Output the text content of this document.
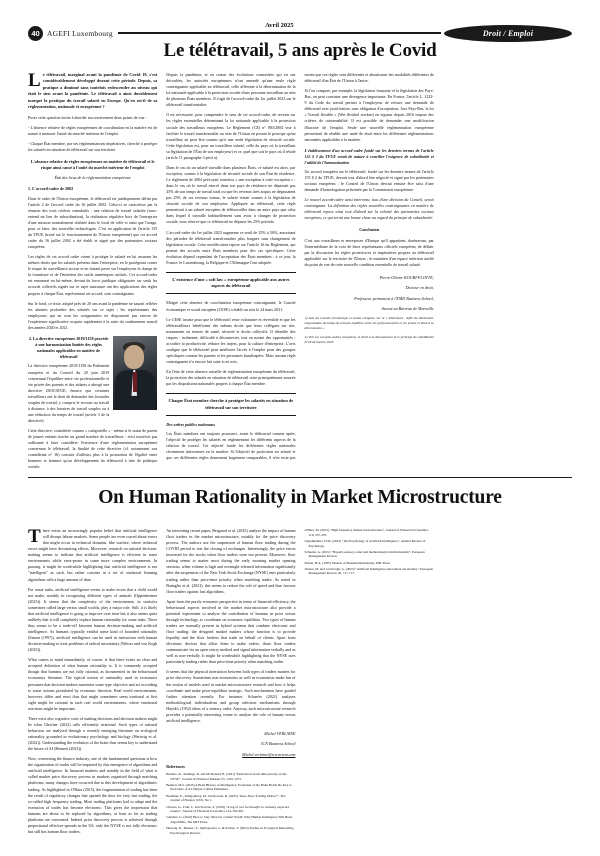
40 AGEFI Luxembourg
Avril 2025
Droit / Emploi
Le télétravail, 5 ans après le Covid

Le télétravail, marginal avant la pandémie de Covid 19, s'est considérablement développé durant cette période. Depuis, sa pratique a diminué sans toutefois redescendre au niveau qui était le sien avant la pandémie. Le télétravail a ainsi durablement marqué la pratique du travail salarié en Europe. Qu'en est-il de sa réglementation, nationale et européenne ?

Poser cette question invite à aborder successivement deux points de vue :

- L'absence relative de règles européennes de coordination en la matière est de nature à menacer l'unité du marché intérieur de l'emploi.

- Chaque État membre, par ses réglementations impératives, cherche à protéger les salariés en situation de télétravail sur son territoire.

L'absence relative de règles européennes en matière de télétravail et le risque ainsi causé à l'unité du marché intérieur de l'emploi

État des lieux de la réglementation européenne

1. L'accord-cadre de 2002

Dans le cadre de l'Union européenne, le télétravail est juridiquement défini par l'article 2 de l'accord cadre du 16 juillet 2002. Celui-ci se caractérise par la réunion des trois critères cumulatifs : une relation de travail salariée (sous-entend un lien de subordination), la réalisation régulière hors de l'entreprise d'une mission normalement réalisée dans le local de celle-ci ainsi que l'usage, pour ce faire, des nouvelles technologies. C'est en application de l'article 155 du TFUE (traité sur le fonctionnement de l'Union européenne) que cet accord cadre du 16 juillet 2002 a été établi et signé par des partenaires sociaux européens.

Les règles de cet accord cadre visent à protéger le salarié en lui assurant les mêmes droits que les salariés présents dans l'entreprise, en le protégeant contre le risque de surveillance accrue et en faisant peser sur l'employeur la charge de la fourniture et de l'entretien des outils numériques utilisés. Cet accord-cadre est renommé en lui-même, devant de force juridique obligatoire car seuls les accords collectifs signés sur ce sujet naissance ont des applications des règles propres à chaque État, représentant cet accord, sont contraignants.

Sur le fond, ce texte, adopté près de 20 ans avant la pandémie ne saurait refléter les attentes profondes des salariés sur ce sujet ; les représentants des employeurs qui en sont les cosignataires ne disposaient pas encore de l'expérience significative acquise rapidement à la suite du confinement massif des années 2020 et 2021.

2. La directive européenne 2019/1158 procède à une harmonisation limitée des règles nationales applicables en matière de télétravail

La directive européenne 2019/1158 du Parlement européen et du Conseil du 20 juin 2019 concernant l'équilibre entre vie professionnelle et vie privée des parents et des aidants a abrogé une directive 2010/18/UE, énonce que certaines travailleurs ont le droit de demander des formules souples de travail, y compris le recours au travail à distance, à des horaires de travail souples ou à une réduction du temps de travail (article 3 de la directive).

Cette directive, considérée comme « catégorielle » - même si le statut de parent de jeunes enfants touche un grand nombre de travailleurs - n'est toutefois pas suffisante à faire considérer l'existence d'une réglementation européenne concernant le télétravail, la finalité de cette directive (cf. notamment son considérant n° 16) consiste d'ailleurs plus à la promotion de l'égalité entre hommes et femmes qu'au développement du télétravail à titre de politique sociale.

Depuis la pandémie, et en raison des évolutions contrastées qui en ont découlées, les autorités européennes n'ont amendé qu'une seule règle contraignante applicable au télétravail, celle afférente à la détermination de la loi nationale applicable à la protection sociale d'une personne travaillant au sein de plusieurs États membres. Il s'agit de l'accord-cadre du 1er juillet 2023 sur le télétravail transfrontalier.

Il est nécessaire, pour comprendre le sens de cet accord-cadre, de revenir sur les règles essentielles déterminant la loi nationale applicable à la protection sociale des travailleurs européens. Le Règlement (CE) n° 883/2004 vise à faciliter le travail transfrontalier au sein de l'Union en posant le principe qu'un travailleur ne peut être soumis qu'à une seule législation de sécurité sociale. Cette législation est, pour un travailleur salarié, celle du pays où la travaillant sa législation de l'État de son employeur) et ce, quel que soit le pays où il réside (article 11 paragraphe 3 petit a).

Dans le cas où un salarié travaille dans plusieurs États, ce salarié est alors, par exception, soumis à la législation de sécurité sociale de son État de résidence. Le règlement de 2004 prévoyait toutefois « une exception à cette exception » : dans le cas où le travail exercé dans son pays de résidence ne dépassait pas 25% de son temps de travail total ou que les revenus tirés acquis ne dépassaient pas 25% de ses revenus totaux, le salarié restait soumis à la législation de sécurité sociale de son employeur. Appliquée au télétravail, cette règle permettrait à un salarié européen de télétravailler dans un autre pays que celui dans lequel il travaille habituellement sans avoir à changer de protection sociale, sous réserve que ce télétravail ne dépasse les 25% précités.

L'accord-cadre du 1er juillet 2023 augmente ce seuil de 25% à 50%, autorisant des périodes de télétravail transfrontalier plus longues sans changement de législation sociale. Cette modification repose sur l'article 16 du Règlement, qui permet des accords entre États membres pour des cas spécifiques. Cette évolution dépend cependant de l'acceptation des États membres ; à ce jour, la France, le Luxembourg, la Belgique et l'Allemagne l'ont adoptée.

L'existence d'une « soft law » européenne applicable aux autres aspects du télétravail

Malgré cette absence de coordination européenne contraignante, le Comité économique et social européen (CESE) a établi un avis le 24 mars 2021.

Le CESE insiste pour que le télétravail reste volontaire et réversible et que les télétravailleurs bénéficient des mêmes droits que leurs collègues sur site, notamment en termes de santé, sécurité et droits collectifs. Il identifie des risques : isolement, difficulté à déconnecter, tout en notant des opportunités : accroître la productivité, réduire les trajets, pour la culture d'entreprise. L'avis souligne que le télétravail peut améliorer l'accès à l'emploi pour des groupes spécifiques comme les parents et les personnes handicapées. Mais aucune règle contraignante n'a encore fait suite à cet avis.

En l'état de cette absence actuelle de réglementation européenne du télétravail, la protection des salariés en situation de télétravail reste principalement assurée par les dispositions nationales propres à chaque État membre.

Chaque État membre cherche à protéger les salariés en situation de télétravail sur son territoire

Des ordres publics nationaux

Les États membres ont toujours poursuivi, avant le télétravail comme après, l'objectif de protéger les salariés en réglementant les différents aspects de la relation de travail. Cet objectif fonde les différentes règles nationales récemment intervenues en la matière. Si l'objectif de protection est attesté et que ces différentes règles demeurent largement comparables, il n'en reste pas moins que ces règles sont différentes et aboutissent des modalités différentes de télétravail d'un État de l'Union à l'autre.

Si l'on compare, par exemple, la législation française et la législation des Pays-Bas, on peut constater une divergence importante. En France, l'article L. 1222-9 du Code du travail permet à l'employeur de refuser une demande de télétravail avec justification, sans obligation d'acceptation. Aux Pays-Bas, la loi « Travail flexible » (Wet flexibel werken) en vigueur depuis 2016 impose des critères de raisonnabilité. Il est possible de demander une modification d'horaire de l'emploi. Seule une nouvelle réglementation européenne permettrait de rétablir une unité de droit entre les différentes réglementations nationales applicables à la matière.

L'établissement d'un accord-cadre fondé sur les derniers termes de l'article 155 § 2 du TFUE serait de nature à concilier l'exigence de subsidiarité et l'utilité de l'harmonisation

Un accord européen sur le télétravail, fondé sur les derniers termes de l'article 155 § 2 du TFUE, devrait tout d'abord être négocié et signé par les partenaires sociaux européens ; le Conseil de l'Union devrait ensuite être saisi d'une demande d'homologation présentée par la Commission européenne.

Le nouvel accord-cadre ainsi intervenu, issu d'une décision du Conseil, serait contraignant. La définition des règles nouvelles contraignantes en matière de télétravail repose ainsi tout d'abord sur la volonté des partenaires sociaux européens, ce qui serait une bonne chose au regard du principe de subsidiarité.

Conclusion

C'est aux travailleurs et entreprises d'Europe qu'il appartient, dorénavant, par l'intermédiaire de la voix de leurs représentants officiels européens, de définir par la discussion les règles protectrices et impératives propres au télétravail applicable sur le territoire de l'Union ; le maintien d'un espace intérieur unifié du point de vue de cette nouvelle condition essentielle de travail salarié.

Pierre-Olivier KOUBI-FLOTTE,

Docteur en droit,

Professeur permanent à l'EMD Business School,

Avocat au Barreau de Marseille

1) Avis du Comité économique et social européen sur le « télétravail : défis du télétravail, organisation du temps de travail, équilibre entre vie professionnelle et vie privée et droit à la déconnexion »

2) Voir les accords-cadres européens, le droit à la déconnexion et le principe de subsidiarité in Droit Social, 2023.

On Human Rationality in Market Microstructure

There exists an increasingly popular belief that artificial intelligence will disrupt labour markets. Some people are even scared about errors that might occur in technical domains, like warfare, where technical errors might have devastating effects. Moreover, research on rational decision-making seems to indicate that artificial intelligence is efficient in some environments while error-prone in some more complex environments. In passing, it might be worthwhile highlighting that artificial intelligence is not "intelligent" as such, but rather consists in a set of statistical learning algorithms with a huge amount of data.

For some tasks, artificial intelligence seems to make errors that a child would not make, notably in recognising different types of animals (Oppenheimer (2023)). It seems that the complexity of the environment, in statistics sometimes called large versus small worlds, play a major role. Still, it is likely that artificial intelligence is going to improve over time but it also seems quite unlikely that it will completely replace human rationality for some tasks. There thus seems to be a trade-off between human decision-making and artificial intelligence. As humans typically exhibit some kind of bounded rationality (Simon (1997)), artificial intelligence can be used in interaction with human decision-making to treat problems of radical uncertainty (Weiser and von Kogh (2023)).

What comes to mind immediately, of course, is that there exists no clear and accepted definition of what human rationality is. It is commonly accepted though that humans are not fully rational, as documented in the behavioural economics literature. The typical notion of rationality used in economics presumes that decision makers maximise some type objective and act according to some axioms postulated by economic theorists. Real world environments, however, differ and react thus that might sometimes seem irrational at first sight might be rational in such real world environments, where emotional reactions might be important.

There exist also cognitive costs of making decisions and decision makers might be what Gleicher (2022) calls efficiently irrational. Such types of rational behaviour are analysed through a recently emerging literature on ecological rationality grounded in evolutionary psychology and biology (Hertwig et al. (2022)). Understanding the evolution of the brain thus seems key to understand the future of AI (Bennett (2023)).

Now, concerning the finance industry, one of the fundamental questions is how the organization of trades will be impacted by this emergence of algorithms and artificial intelligence. In financial markets and notably in the field of what is called market price discovery process in markets organised through matching platforms, many changes have occurred due to this development of algorithmic trading. As highlighted in O'Hara (2015), the fragmentation of trading has been the result of regulatory changes that opened the door for very fast trading, the so-called high frequency trading. Most trading platforms had to adapt and the execution of trades has become electronic. This gives the impression that humans are about to be replaced by algorithms, at least as far as trading platforms are concerned. Indeed, prior discovery process is achieved through proportional effective spreads in the US, only the NYSE is not fully electronic but still has human floor traders.

An interesting recent paper, Bergaard et al. (2025) analyse the impact of human floor traders in the market microstructure, notably for the price discovery process. The authors use the suspension of human floor trading during the COVID period to test the closing of exchanges. Interestingly, the price errors increased for the stocks when floor traders were not present. Moreover, floor trading seems to matter most during the early morning market opening sessions, when volume is high and overnight released information significantly after the suspension of the New York Stock Exchange (NYSE) uses particularly trading rather than price-time priority when matching trades. As noted in Battaglio et al. (2021), this seems to reduce the role of speed and thus favours floor traders against fast algorithms.

Apart from the purely economic perspective in terms of financial efficiency, the behavioural aspects involved in the market microstructure also provide a potential experiment to analyse the contribution of humans in price versus through technology, to coordinate on economic equilibria. Two types of human traders are normally present in hybrid systems that combine electronic and floor trading; the designed market makers whose function is to provide liquidity and the floor brokers that trade on behalf of clients. Apart from electronic devices that allow them to make orders, those floor traders communicate via an open outcry method and signal information verbally and as well as non-verbally. It might be worthwhile highlighting that the NYSE uses particularly trading rather than price-time priority when matching trades.

It seems that the physical interaction between both types of traders matters for price discovery. Sometimes non-economists as well as economists make fun of the notion of models used in market microstructure research and how it helps coordinate and make price-equilibria strategic. Such mechanisms have guided further attention recently. For instance, Schaefer (2021) analyses methodological individualism and group selection mechanisms through Hayek's (1952) ideas of a sensory order. Anyway, such microstructure research provides a potentially interesting venue to analyse the role of human versus artificial intelligence.

Michel VERLAINE

ICN Business School

Michel.verlaine@icn-artem.com

References

Battalio, R., Jennings, R. and McDonald, B. (2021) "Derivatives from time priority on the NYSE", Journal of Financial Markets 55, 1245-1275.

Bennett, M.S. (2023) A Brief History of Intelligence: Evolution of the Brain Holds the Key to the Future of AI, Harper Collins Publishers.

Boehmer, E., Klingenberg, M. and Roesch, D. (2025) "Does Floor Trading Matter?", The Journal of Finance XXX, No 1.

Chacko, G., Folk, C. and Stevens, S. (2018) "A tug of war for thought vs. intraday expected returns", Journal of Financial Economics 124, 392-401.

Gleicher, G. (2022) How to Stay Smart in a Smart World: Why Human Intelligence Still Beats Algorithms, The MIT Press.

Hertwig, R., Pleskac, T., Spiliopoulos, L. & Pachur, T. (2022) Studies in Ecological Rationality, Psychological Review.

O'Hara, M. (2015) "High frequency market microstructure", Journal of Financial Economics 116, 257-270.

Oppenheimer, D.M. (2023) "The Psychology of Artificial Intelligence", Annual Review of Psychology.

Schaefer, A. (2021) "Hayek's sensory order and methodological individualism", European Management Review.

Simon, H.A. (1997) Models of Bounded Rationality, MIT Press.

Weiser, M. and von Krogh, G. (2023) "Artificial Intelligence and radical uncertainty", European Management Review 20, 711-717.
